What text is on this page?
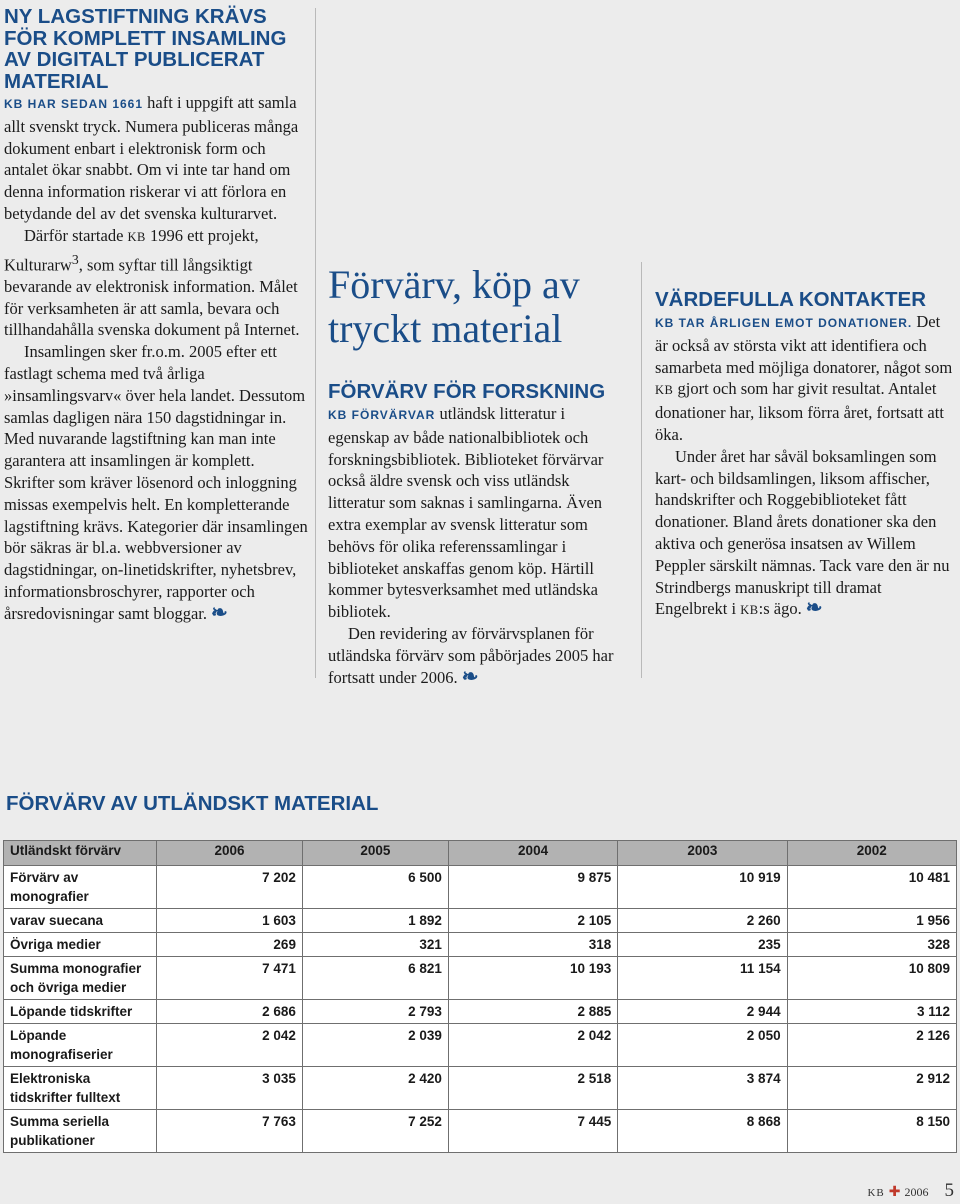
NY LAGSTIFTNING KRÄVS FÖR KOMPLETT INSAMLING AV DIGITALT PUBLICERAT MATERIAL

KB HAR SEDAN 1661 haft i uppgift att samla allt svenskt tryck. Numera publiceras många dokument enbart i elektronisk form och antalet ökar snabbt. Om vi inte tar hand om denna information riskerar vi att förlora en betydande del av det svenska kulturarvet.

Därför startade KB 1996 ett projekt, Kulturarw$^3$, som syftar till långsiktigt bevarande av elektronisk information. Målet för verksamheten är att samla, bevara och tillhandahålla svenska dokument på Internet.

Insamlingen sker fr.o.m. 2005 efter ett fastlagt schema med två årliga »insamlingsvarv« över hela landet. Dessutom samlas dagligen nära 150 dagstidningar in. Med nuvarande lagstiftning kan man inte garantera att insamlingen är komplett. Skrifter som kräver lösenord och inloggning missas exempelvis helt. En kompletterande lagstiftning krävs. Kategorier där insamlingen bör säkras är bl.a. webbversioner av dagstidningar, on-linetidskrifter, nyhetsbrev, informationsbroschyrer, rapporter och årsredovisningar samt bloggar. ❧

Förvärv, köp av tryckt material
FÖRVÄRV FÖR FORSKNING

KB FÖRVÄRVAR utländsk litteratur i egenskap av både nationalbibliotek och forskningsbibliotek. Biblioteket förvärvar också äldre svensk och viss utländsk litteratur som saknas i samlingarna. Även extra exemplar av svensk litteratur som behövs för olika referenssamlingar i biblioteket anskaffas genom köp. Härtill kommer bytesverksamhet med utländska bibliotek.

Den revidering av förvärvsplanen för utländska förvärv som påbörjades 2005 har fortsatt under 2006. ❧

VÄRDEFULLA KONTAKTER

KB TAR ÅRLIGEN EMOT DONATIONER. Det är också av största vikt att identifiera och samarbeta med möjliga donatorer, något som KB gjort och som har givit resultat. Antalet donationer har, liksom förra året, fortsatt att öka.

Under året har såväl boksamlingen som kart- och bildsamlingen, liksom affischer, handskrifter och Roggebiblioteket fått donationer. Bland årets donationer ska den aktiva och generösa insatsen av Willem Peppler särskilt nämnas. Tack vare den är nu Strindbergs manuskript till dramat Engelbrekt i KB:s ägo. ❧

FÖRVÄRV AV UTLÄNDSKT MATERIAL
Utländskt förvärv	2006	2005	2004	2003	2002
Förvärv av monografier	7 202	6 500	9 875	10 919	10 481
varav suecana	1 603	1 892	2 105	2 260	1 956
Övriga medier	269	321	318	235	328
Summa monografier och övriga medier	7 471	6 821	10 193	11 154	10 809
Löpande tidskrifter	2 686	2 793	2 885	2 944	3 112
Löpande monografiserier	2 042	2 039	2 042	2 050	2 126
Elektroniska tidskrifter fulltext	3 035	2 420	2 518	3 874	2 912
Summa seriella publikationer	7 763	7 252	7 445	8 868	8 150
KB ✚ 2006 5
